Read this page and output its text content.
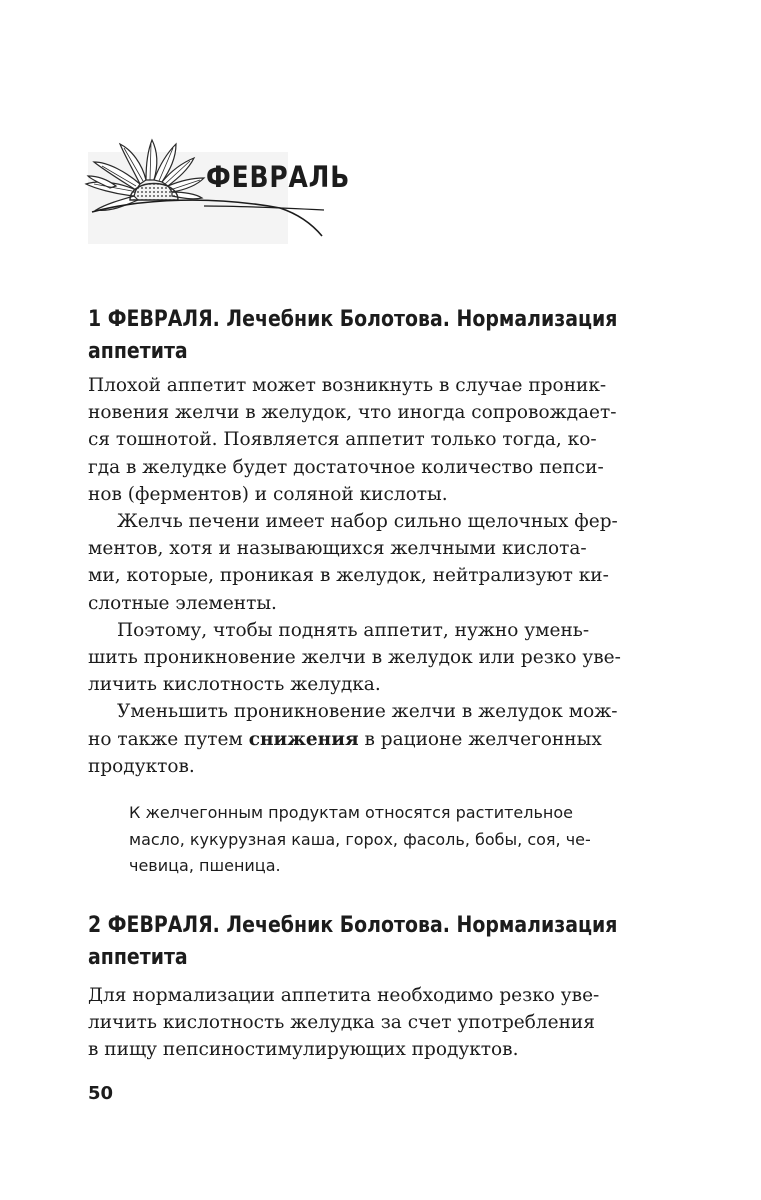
ФЕВРАЛЬ
1 ФЕВРАЛЯ. Лечебник Болотова. Нормализация
аппетита
Плохой аппетит может возникнуть в случае проник-
новения желчи в желудок, что иногда сопровождает-
ся тошнотой. Появляется аппетит только тогда, ко-
гда в желудке будет достаточное количество пепси-
нов (ферментов) и соляной кислоты.
Желчь печени имеет набор сильно щелочных фер-
ментов, хотя и называющихся желчными кислота-
ми, которые, проникая в желудок, нейтрализуют ки-
слотные элементы.
Поэтому, чтобы поднять аппетит, нужно умень-
шить проникновение желчи в желудок или резко уве-
личить кислотность желудка.
Уменьшить проникновение желчи в желудок мож-
но также путем снижения в рационе желчегонных
продуктов.
К желчегонным продуктам относятся растительное
масло, кукурузная каша, горох, фасоль, бобы, соя, че-
чевица, пшеница.
2 ФЕВРАЛЯ. Лечебник Болотова. Нормализация
аппетита
Для нормализации аппетита необходимо резко уве-
личить кислотность желудка за счет употребления
в пищу пепсиностимулирующих продуктов.
50
